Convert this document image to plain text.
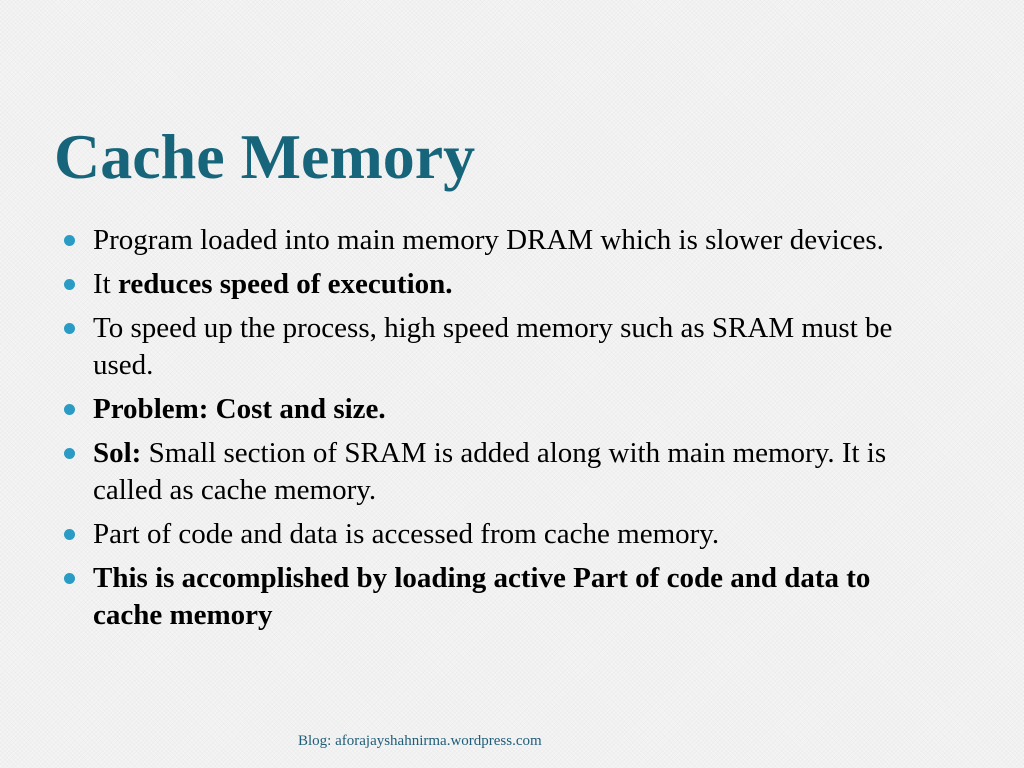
Cache Memory
Program loaded into main memory DRAM which is slower devices.
It reduces speed of execution.
To speed up the process, high speed memory such as SRAM must be used.
Problem: Cost and size.
Sol: Small section of SRAM is added along with main memory. It is called as cache memory.
Part of code and data is accessed from cache memory.
This is accomplished by loading active Part of code and data to cache memory
Blog: aforajayshahnirma.wordpress.com
